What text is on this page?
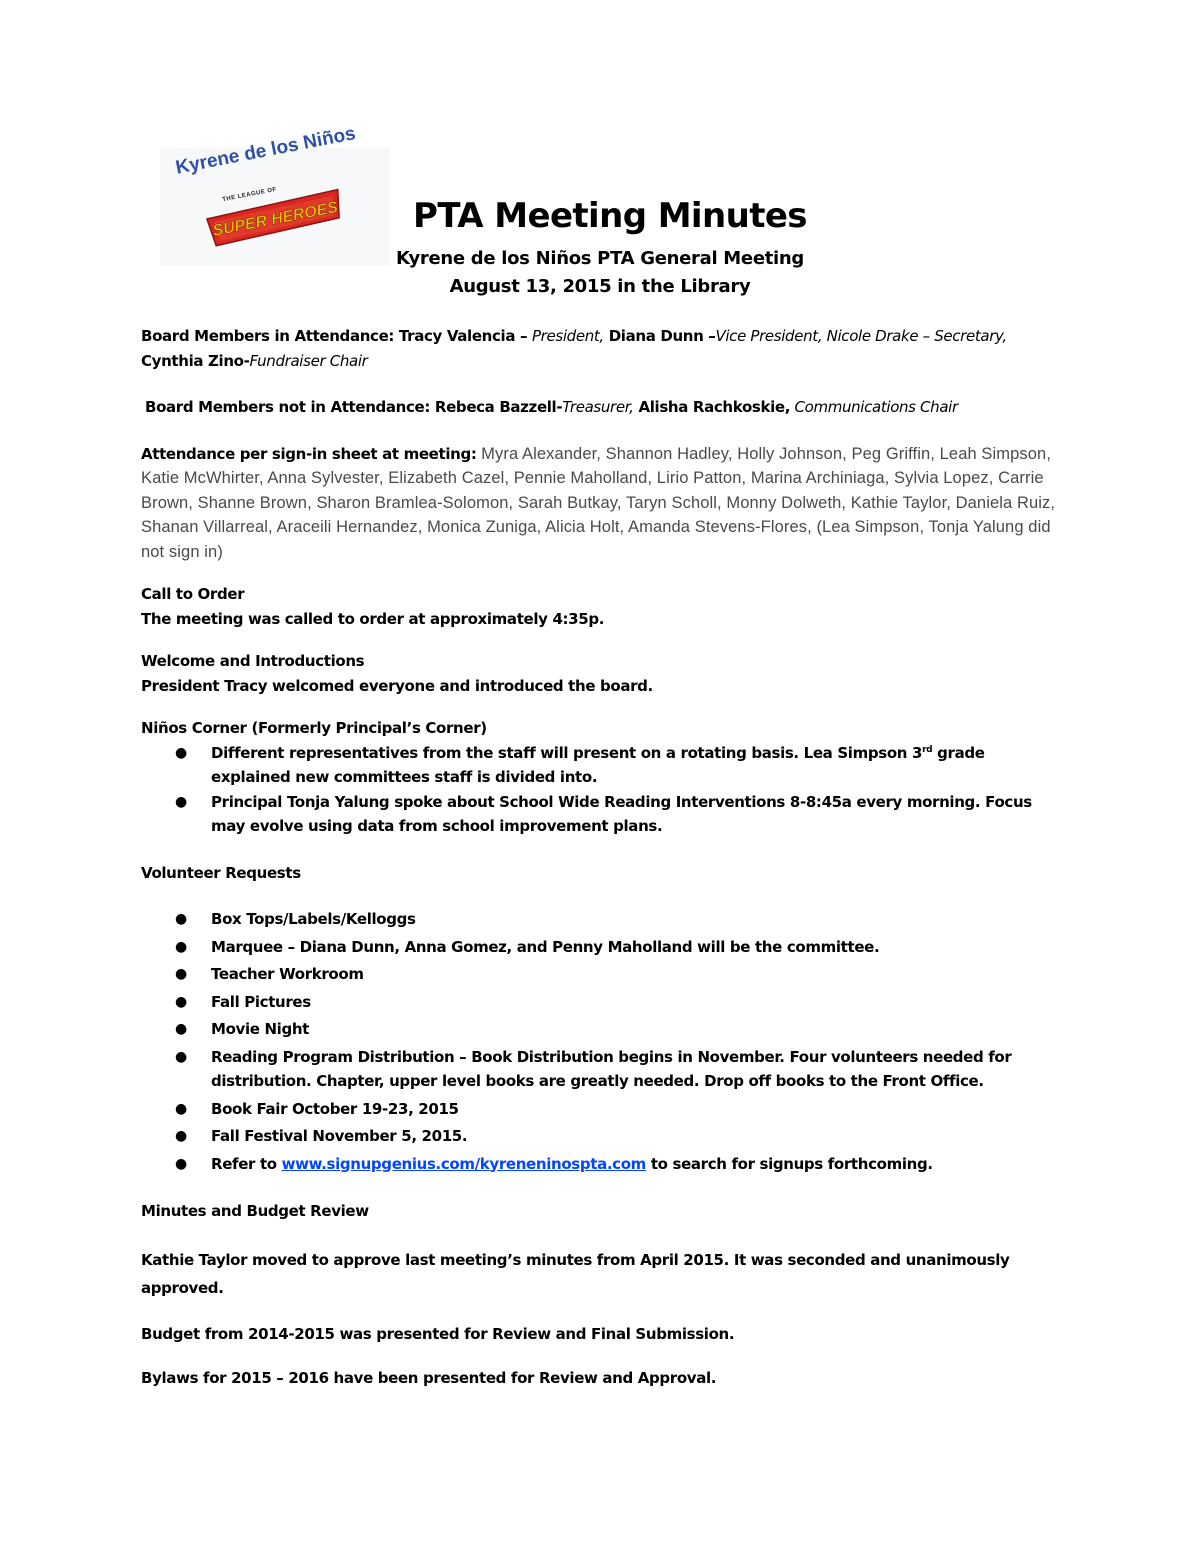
Kyrene de los Niños
THE LEAGUE OF
SUPER HEROES	PTA Meeting Minutes
Kyrene de los Niños PTA General Meeting
August 13, 2015 in the Library

Board Members in Attendance: Tracy Valencia – President, Diana Dunn –Vice President, Nicole Drake – Secretary,
Cynthia Zino-Fundraiser Chair

Board Members not in Attendance: Rebeca Bazzell-Treasurer, Alisha Rachkoskie, Communications Chair

Attendance per sign-in sheet at meeting: Myra Alexander, Shannon Hadley, Holly Johnson, Peg Griffin, Leah Simpson, Katie McWhirter, Anna Sylvester, Elizabeth Cazel, Pennie Maholland, Lirio Patton, Marina Archiniaga, Sylvia Lopez, Carrie Brown, Shanne Brown, Sharon Bramlea-Solomon, Sarah Butkay, Taryn Scholl, Monny Dolweth, Kathie Taylor, Daniela Ruiz, Shanan Villarreal, Araceili Hernandez, Monica Zuniga, Alicia Holt, Amanda Stevens-Flores, (Lea Simpson, Tonja Yalung did not sign in)

Call to Order

The meeting was called to order at approximately 4:35p.

Welcome and Introductions

President Tracy welcomed everyone and introduced the board.

Niños Corner (Formerly Principal’s Corner)

● Different representatives from the staff will present on a rotating basis. Lea Simpson 3rd grade explained new committees staff is divided into.
● Principal Tonja Yalung spoke about School Wide Reading Interventions 8-8:45a every morning. Focus may evolve using data from school improvement plans.

Volunteer Requests

● Box Tops/Labels/Kelloggs
● Marquee – Diana Dunn, Anna Gomez, and Penny Maholland will be the committee.
● Teacher Workroom
● Fall Pictures
● Movie Night
● Reading Program Distribution – Book Distribution begins in November. Four volunteers needed for distribution. Chapter, upper level books are greatly needed. Drop off books to the Front Office.
● Book Fair October 19-23, 2015
● Fall Festival November 5, 2015.
● Refer to www.signupgenius.com/kyreneninospta.com to search for signups forthcoming.

Minutes and Budget Review

Kathie Taylor moved to approve last meeting’s minutes from April 2015. It was seconded and unanimously approved.

Budget from 2014-2015 was presented for Review and Final Submission.

Bylaws for 2015 – 2016 have been presented for Review and Approval.
